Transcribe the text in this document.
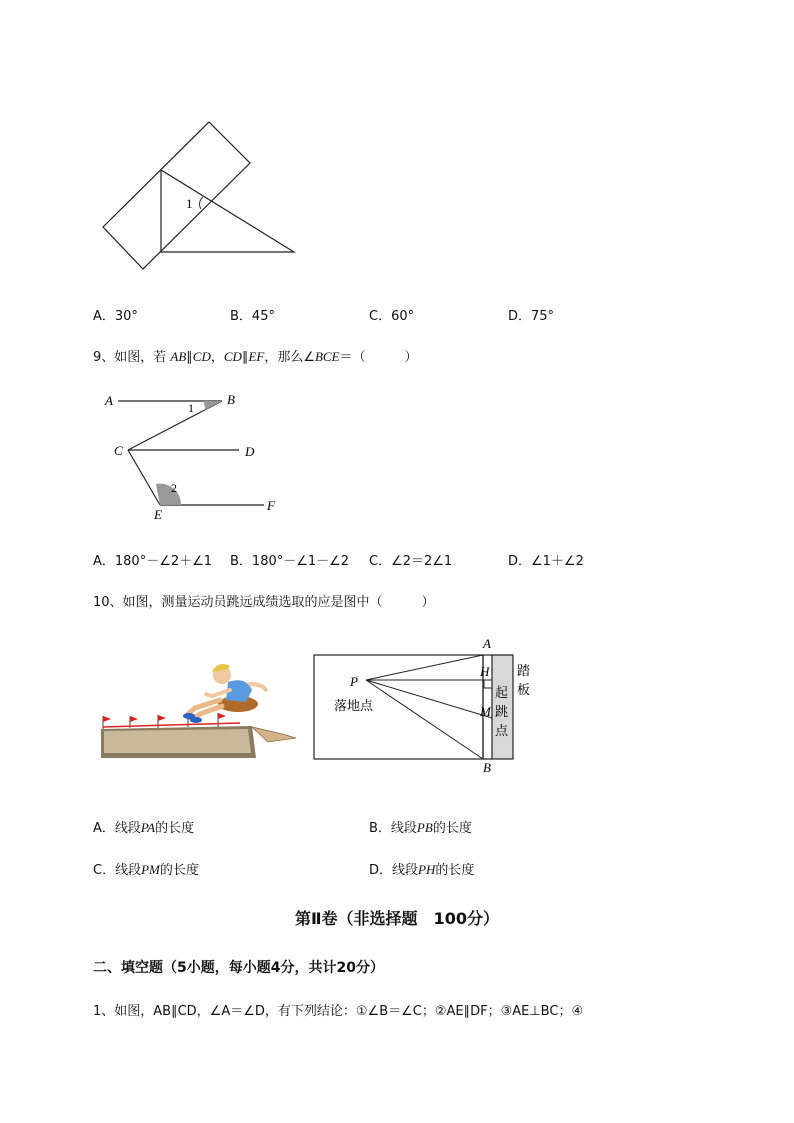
1
A．30°	B．45°	C．60°	D．75°
9、如图，若 AB∥CD，CD∥EF，那么∠BCE＝（　　　）
A	B
C	D
E
F
1
2
A．180°－∠2＋∠1 B．180°－∠1－∠2 C．∠2＝2∠1	D．∠1＋∠2
10、如图，测量运动员跳远成绩选取的应是图中（　　　）
A
B
H
M
P
落地点
踏
板
起
跳
点
A．线段PA的长度	B．线段PB的长度
C．线段PM的长度	D．线段PH的长度
第Ⅱ卷（非选择题　100分）
二、填空题（5小题，每小题4分，共计20分）
1、如图，AB∥CD，∠A＝∠D，有下列结论：①∠B＝∠C；②AE∥DF；③AE⊥BC；④
